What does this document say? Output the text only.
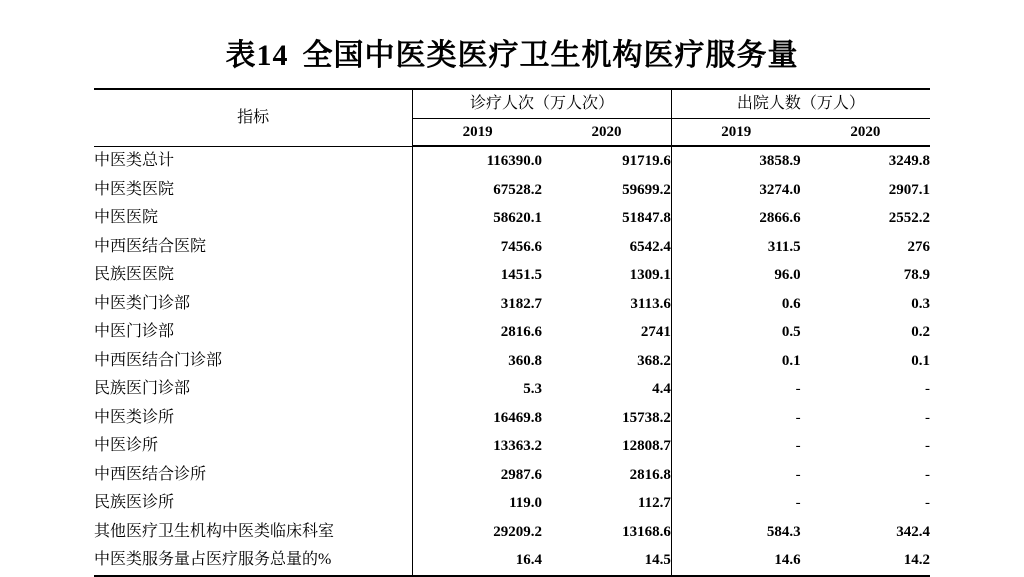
表14 全国中医类医疗卫生机构医疗服务量
指标	诊疗人次（万人次）		出院人数（万人）	
	2019	2020	2019	2020
中医类总计	116390.0	91719.6	3858.9	3249.8
中医类医院	67528.2	59699.2	3274.0	2907.1
中医医院	58620.1	51847.8	2866.6	2552.2
中西医结合医院	7456.6	6542.4	311.5	276
民族医医院	1451.5	1309.1	96.0	78.9
中医类门诊部	3182.7	3113.6	0.6	0.3
中医门诊部	2816.6	2741	0.5	0.2
中西医结合门诊部	360.8	368.2	0.1	0.1
民族医门诊部	5.3	4.4	-	-
中医类诊所	16469.8	15738.2	-	-
中医诊所	13363.2	12808.7	-	-
中西医结合诊所	2987.6	2816.8	-	-
民族医诊所	119.0	112.7	-	-
其他医疗卫生机构中医类临床科室	29209.2	13168.6	584.3	342.4
中医类服务量占医疗服务总量的%	16.4	14.5	14.6	14.2
